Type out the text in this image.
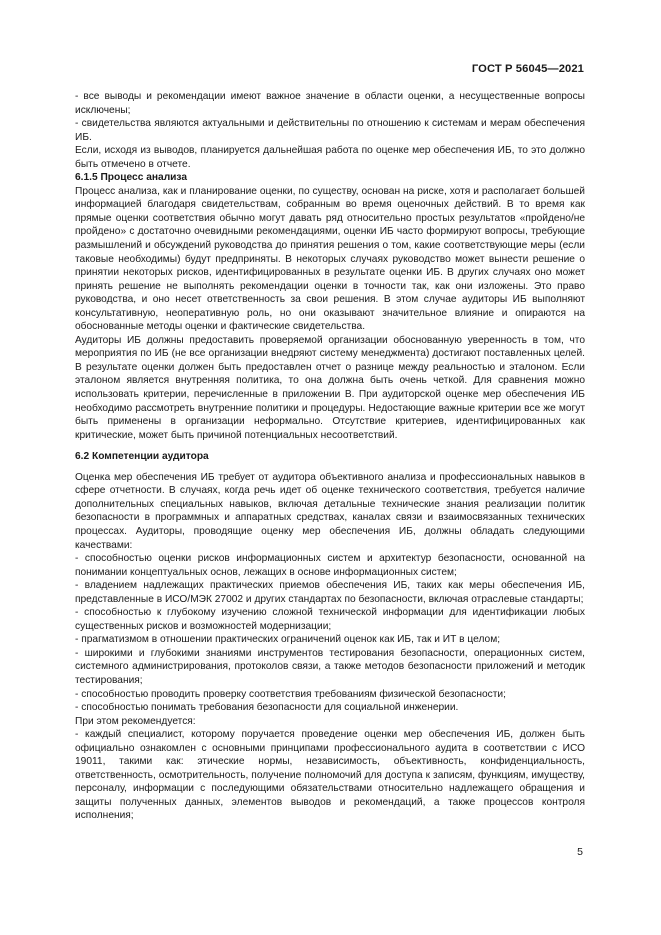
ГОСТ Р 56045—2021

- все выводы и рекомендации имеют важное значение в области оценки, а несущественные вопросы исключены;

- свидетельства являются актуальными и действительны по отношению к системам и мерам обеспечения ИБ.

Если, исходя из выводов, планируется дальнейшая работа по оценке мер обеспечения ИБ, то это должно быть отмечено в отчете.

6.1.5 Процесс анализа

Процесс анализа, как и планирование оценки, по существу, основан на риске, хотя и располагает большей информацией благодаря свидетельствам, собранным во время оценочных действий. В то время как прямые оценки соответствия обычно могут давать ряд относительно простых результатов «пройдено/не пройдено» с достаточно очевидными рекомендациями, оценки ИБ часто формируют вопросы, требующие размышлений и обсуждений руководства до принятия решения о том, какие соответствующие меры (если таковые необходимы) будут предприняты. В некоторых случаях руководство может вынести решение о принятии некоторых рисков, идентифицированных в результате оценки ИБ. В других случаях оно может принять решение не выполнять рекомендации оценки в точности так, как они изложены. Это право руководства, и оно несет ответственность за свои решения. В этом случае аудиторы ИБ выполняют консультативную, неоперативную роль, но они оказывают значительное влияние и опираются на обоснованные методы оценки и фактические свидетельства.

Аудиторы ИБ должны предоставить проверяемой организации обоснованную уверенность в том, что мероприятия по ИБ (не все организации внедряют систему менеджмента) достигают поставленных целей. В результате оценки должен быть предоставлен отчет о разнице между реальностью и эталоном. Если эталоном является внутренняя политика, то она должна быть очень четкой. Для сравнения можно использовать критерии, перечисленные в приложении В. При аудиторской оценке мер обеспечения ИБ необходимо рассмотреть внутренние политики и процедуры. Недостающие важные критерии все же могут быть применены в организации неформально. Отсутствие критериев, идентифицированных как критические, может быть причиной потенциальных несоответствий.

6.2 Компетенции аудитора

Оценка мер обеспечения ИБ требует от аудитора объективного анализа и профессиональных навыков в сфере отчетности. В случаях, когда речь идет об оценке технического соответствия, требуется наличие дополнительных специальных навыков, включая детальные технические знания реализации политик безопасности в программных и аппаратных средствах, каналах связи и взаимосвязанных технических процессах. Аудиторы, проводящие оценку мер обеспечения ИБ, должны обладать следующими качествами:

- способностью оценки рисков информационных систем и архитектур безопасности, основанной на понимании концептуальных основ, лежащих в основе информационных систем;

- владением надлежащих практических приемов обеспечения ИБ, таких как меры обеспечения ИБ, представленные в ИСО/МЭК 27002 и других стандартах по безопасности, включая отраслевые стандарты;

- способностью к глубокому изучению сложной технической информации для идентификации любых существенных рисков и возможностей модернизации;

- прагматизмом в отношении практических ограничений оценок как ИБ, так и ИТ в целом;

- широкими и глубокими знаниями инструментов тестирования безопасности, операционных систем, системного администрирования, протоколов связи, а также методов безопасности приложений и методик тестирования;

- способностью проводить проверку соответствия требованиям физической безопасности;

- способностью понимать требования безопасности для социальной инженерии.

При этом рекомендуется:

- каждый специалист, которому поручается проведение оценки мер обеспечения ИБ, должен быть официально ознакомлен с основными принципами профессионального аудита в соответствии с ИСО 19011, такими как: этические нормы, независимость, объективность, конфиденциальность, ответственность, осмотрительность, получение полномочий для доступа к записям, функциям, имуществу, персоналу, информации с последующими обязательствами относительно надлежащего обращения и защиты полученных данных, элементов выводов и рекомендаций, а также процессов контроля исполнения;

5
